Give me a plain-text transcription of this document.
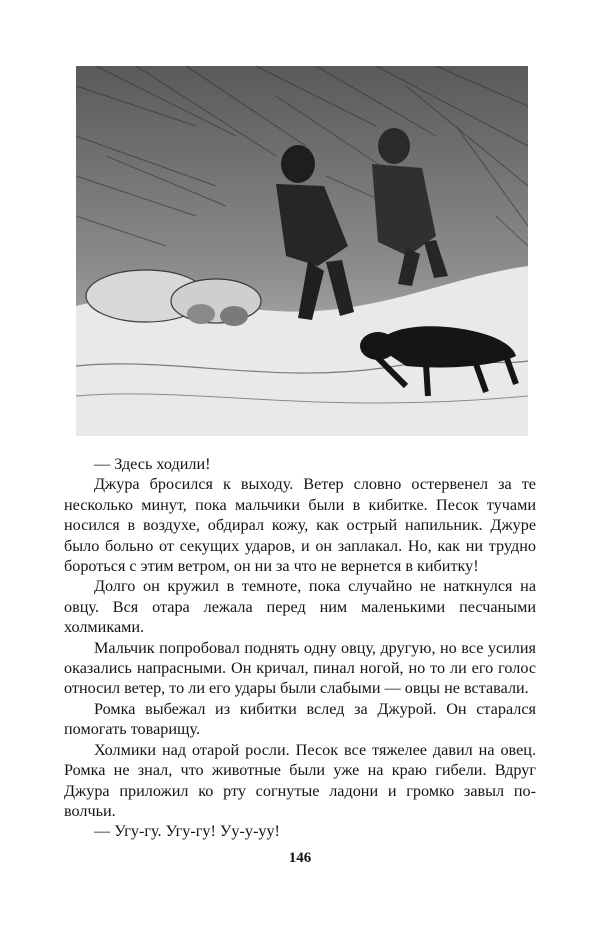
— Здесь ходили!

Джура бросился к выходу. Ветер словно остервенел за те несколько минут, пока мальчики были в кибитке. Песок тучами носился в воздухе, обдирал кожу, как острый напильник. Джуре было больно от секущих ударов, и он заплакал. Но, как ни трудно бороться с этим ветром, он ни за что не вернется в кибитку!

Долго он кружил в темноте, пока случайно не наткнулся на овцу. Вся отара лежала перед ним маленькими песчаными холмиками.

Мальчик попробовал поднять одну овцу, другую, но все усилия оказались напрасными. Он кричал, пинал ногой, но то ли его голос относил ветер, то ли его удары были слабыми — овцы не вставали.

Ромка выбежал из кибитки вслед за Джурой. Он старался помогать товарищу.

Холмики над отарой росли. Песок все тяжелее давил на овец. Ромка не знал, что животные были уже на краю гибели. Вдруг Джура приложил ко рту согнутые ладони и громко завыл по-волчьи.

— Угу-гу. Угу-гу! Уу-у-уу!

146
